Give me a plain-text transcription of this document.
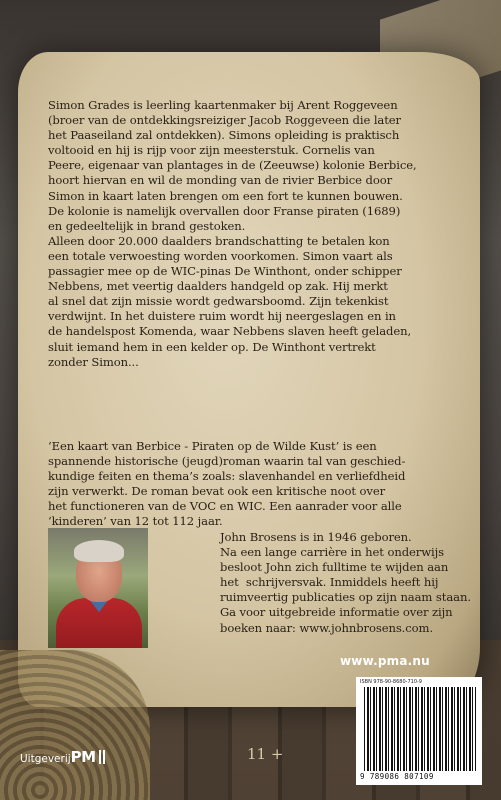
Simon Grades is leerling kaartenmaker bij Arent Roggeveen

(broer van de ontdekkingsreiziger Jacob Roggeveen die later

het Paaseiland zal ontdekken). Simons opleiding is praktisch

voltooid en hij is rijp voor zijn meesterstuk. Cornelis van

Peere, eigenaar van plantages in de (Zeeuwse) kolonie Berbice,

hoort hiervan en wil de monding van de rivier Berbice door

Simon in kaart laten brengen om een fort te kunnen bouwen.

De kolonie is namelijk overvallen door Franse piraten (1689)

en gedeeltelijk in brand gestoken.

Alleen door 20.000 daalders brandschatting te betalen kon

een totale verwoesting worden voorkomen. Simon vaart als

passagier mee op de WIC-pinas De Winthont, onder schipper

Nebbens, met veertig daalders handgeld op zak. Hij merkt

al snel dat zijn missie wordt gedwarsboomd. Zijn tekenkist

verdwijnt. In het duistere ruim wordt hij neergeslagen en in

de handelspost Komenda, waar Nebbens slaven heeft geladen,

sluit iemand hem in een kelder op. De Winthont vertrekt

zonder Simon...

‘Een kaart van Berbice - Piraten op de Wilde Kust’ is een

spannende historische (jeugd)roman waarin tal van geschied-

kundige feiten en thema’s zoals: slavenhandel en verliefdheid

zijn verwerkt. De roman bevat ook een kritische noot over

het functioneren van de VOC en WIC. Een aanrader voor alle

‘kinderen’ van 12 tot 112 jaar.

John Brosens is in 1946 geboren.

Na een lange carrière in het onderwijs

besloot John zich fulltime te wijden aan

het  schrijversvak. Inmiddels heeft hij

ruimveertig publicaties op zijn naam staan.

Ga voor uitgebreide informatie over zijn

boeken naar: www.johnbrosens.com.

www.pma.nu
ISBN 978-90-8680-710-9
9 789086 807109
UitgeverijPM	11 +
